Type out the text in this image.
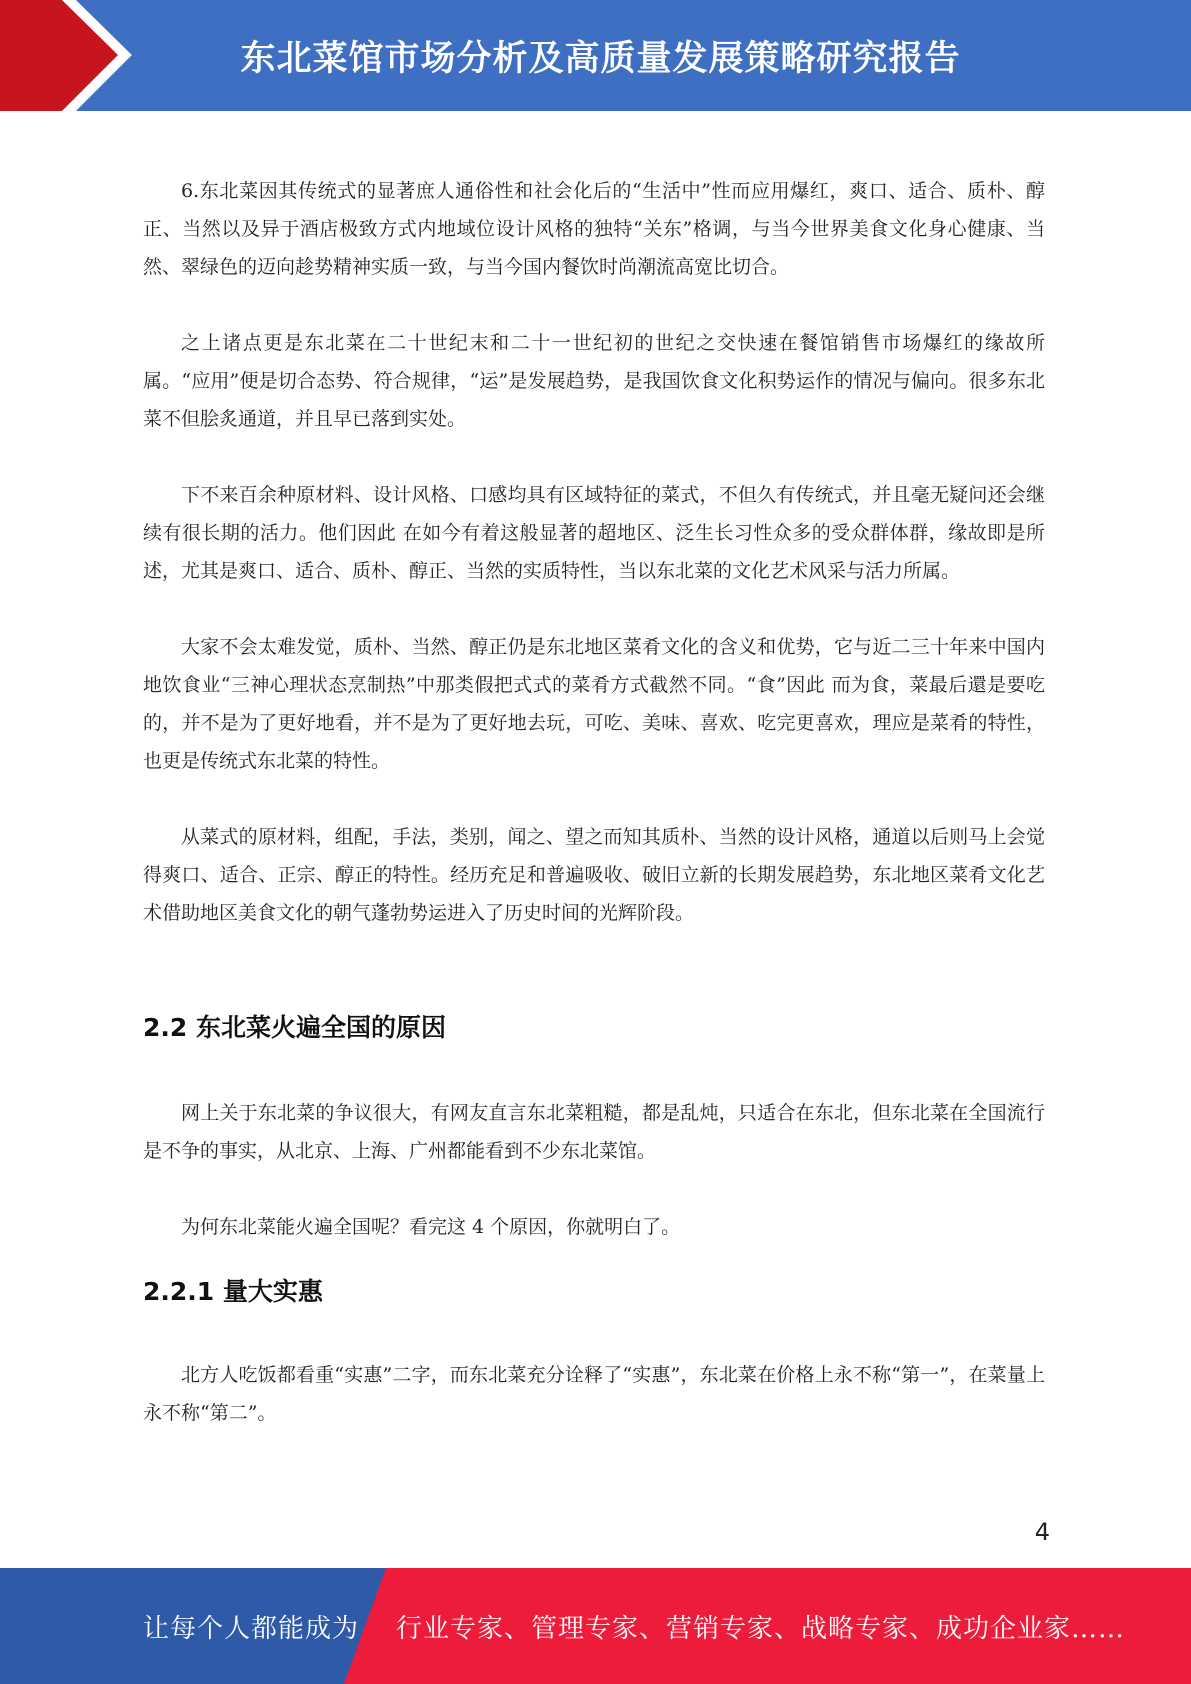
东北菜馆市场分析及高质量发展策略研究报告

6.东北菜因其传统式的显著庶人通俗性和社会化后的“生活中”性而应用爆红，爽口、适合、质朴、醇正、当然以及异于酒店极致方式内地域位设计风格的独特“关东”格调，与当今世界美食文化身心健康、当然、翠绿色的迈向趁势精神实质一致，与当今国内餐饮时尚潮流高宽比切合。

之上诸点更是东北菜在二十世纪末和二十一世纪初的世纪之交快速在餐馆销售市场爆红的缘故所属。“应用”便是切合态势、符合规律，“运”是发展趋势，是我国饮食文化积势运作的情况与偏向。很多东北菜不但脍炙通道，并且早已落到实处。

下不来百余种原材料、设计风格、口感均具有区域特征的菜式，不但久有传统式，并且毫无疑问还会继续有很长期的活力。他们因此 在如今有着这般显著的超地区、泛生长习性众多的受众群体群，缘故即是所述，尤其是爽口、适合、质朴、醇正、当然的实质特性，当以东北菜的文化艺术风采与活力所属。

大家不会太难发觉，质朴、当然、醇正仍是东北地区菜肴文化的含义和优势，它与近二三十年来中国内地饮食业“三神心理状态烹制热”中那类假把式式的菜肴方式截然不同。“食”因此 而为食，菜最后還是要吃的，并不是为了更好地看，并不是为了更好地去玩，可吃、美味、喜欢、吃完更喜欢，理应是菜肴的特性，也更是传统式东北菜的特性。

从菜式的原材料，组配，手法，类别，闻之、望之而知其质朴、当然的设计风格，通道以后则马上会觉得爽口、适合、正宗、醇正的特性。经历充足和普遍吸收、破旧立新的长期发展趋势，东北地区菜肴文化艺术借助地区美食文化的朝气蓬勃势运进入了历史时间的光辉阶段。

2.2 东北菜火遍全国的原因

网上关于东北菜的争议很大，有网友直言东北菜粗糙，都是乱炖，只适合在东北，但东北菜在全国流行是不争的事实，从北京、上海、广州都能看到不少东北菜馆。

为何东北菜能火遍全国呢？看完这 4 个原因，你就明白了。

2.2.1 量大实惠

北方人吃饭都看重“实惠”二字，而东北菜充分诠释了“实惠”，东北菜在价格上永不称“第一”，在菜量上永不称“第二”。

4
让每个人都能成为 行业专家、管理专家、营销专家、战略专家、成功企业家……
